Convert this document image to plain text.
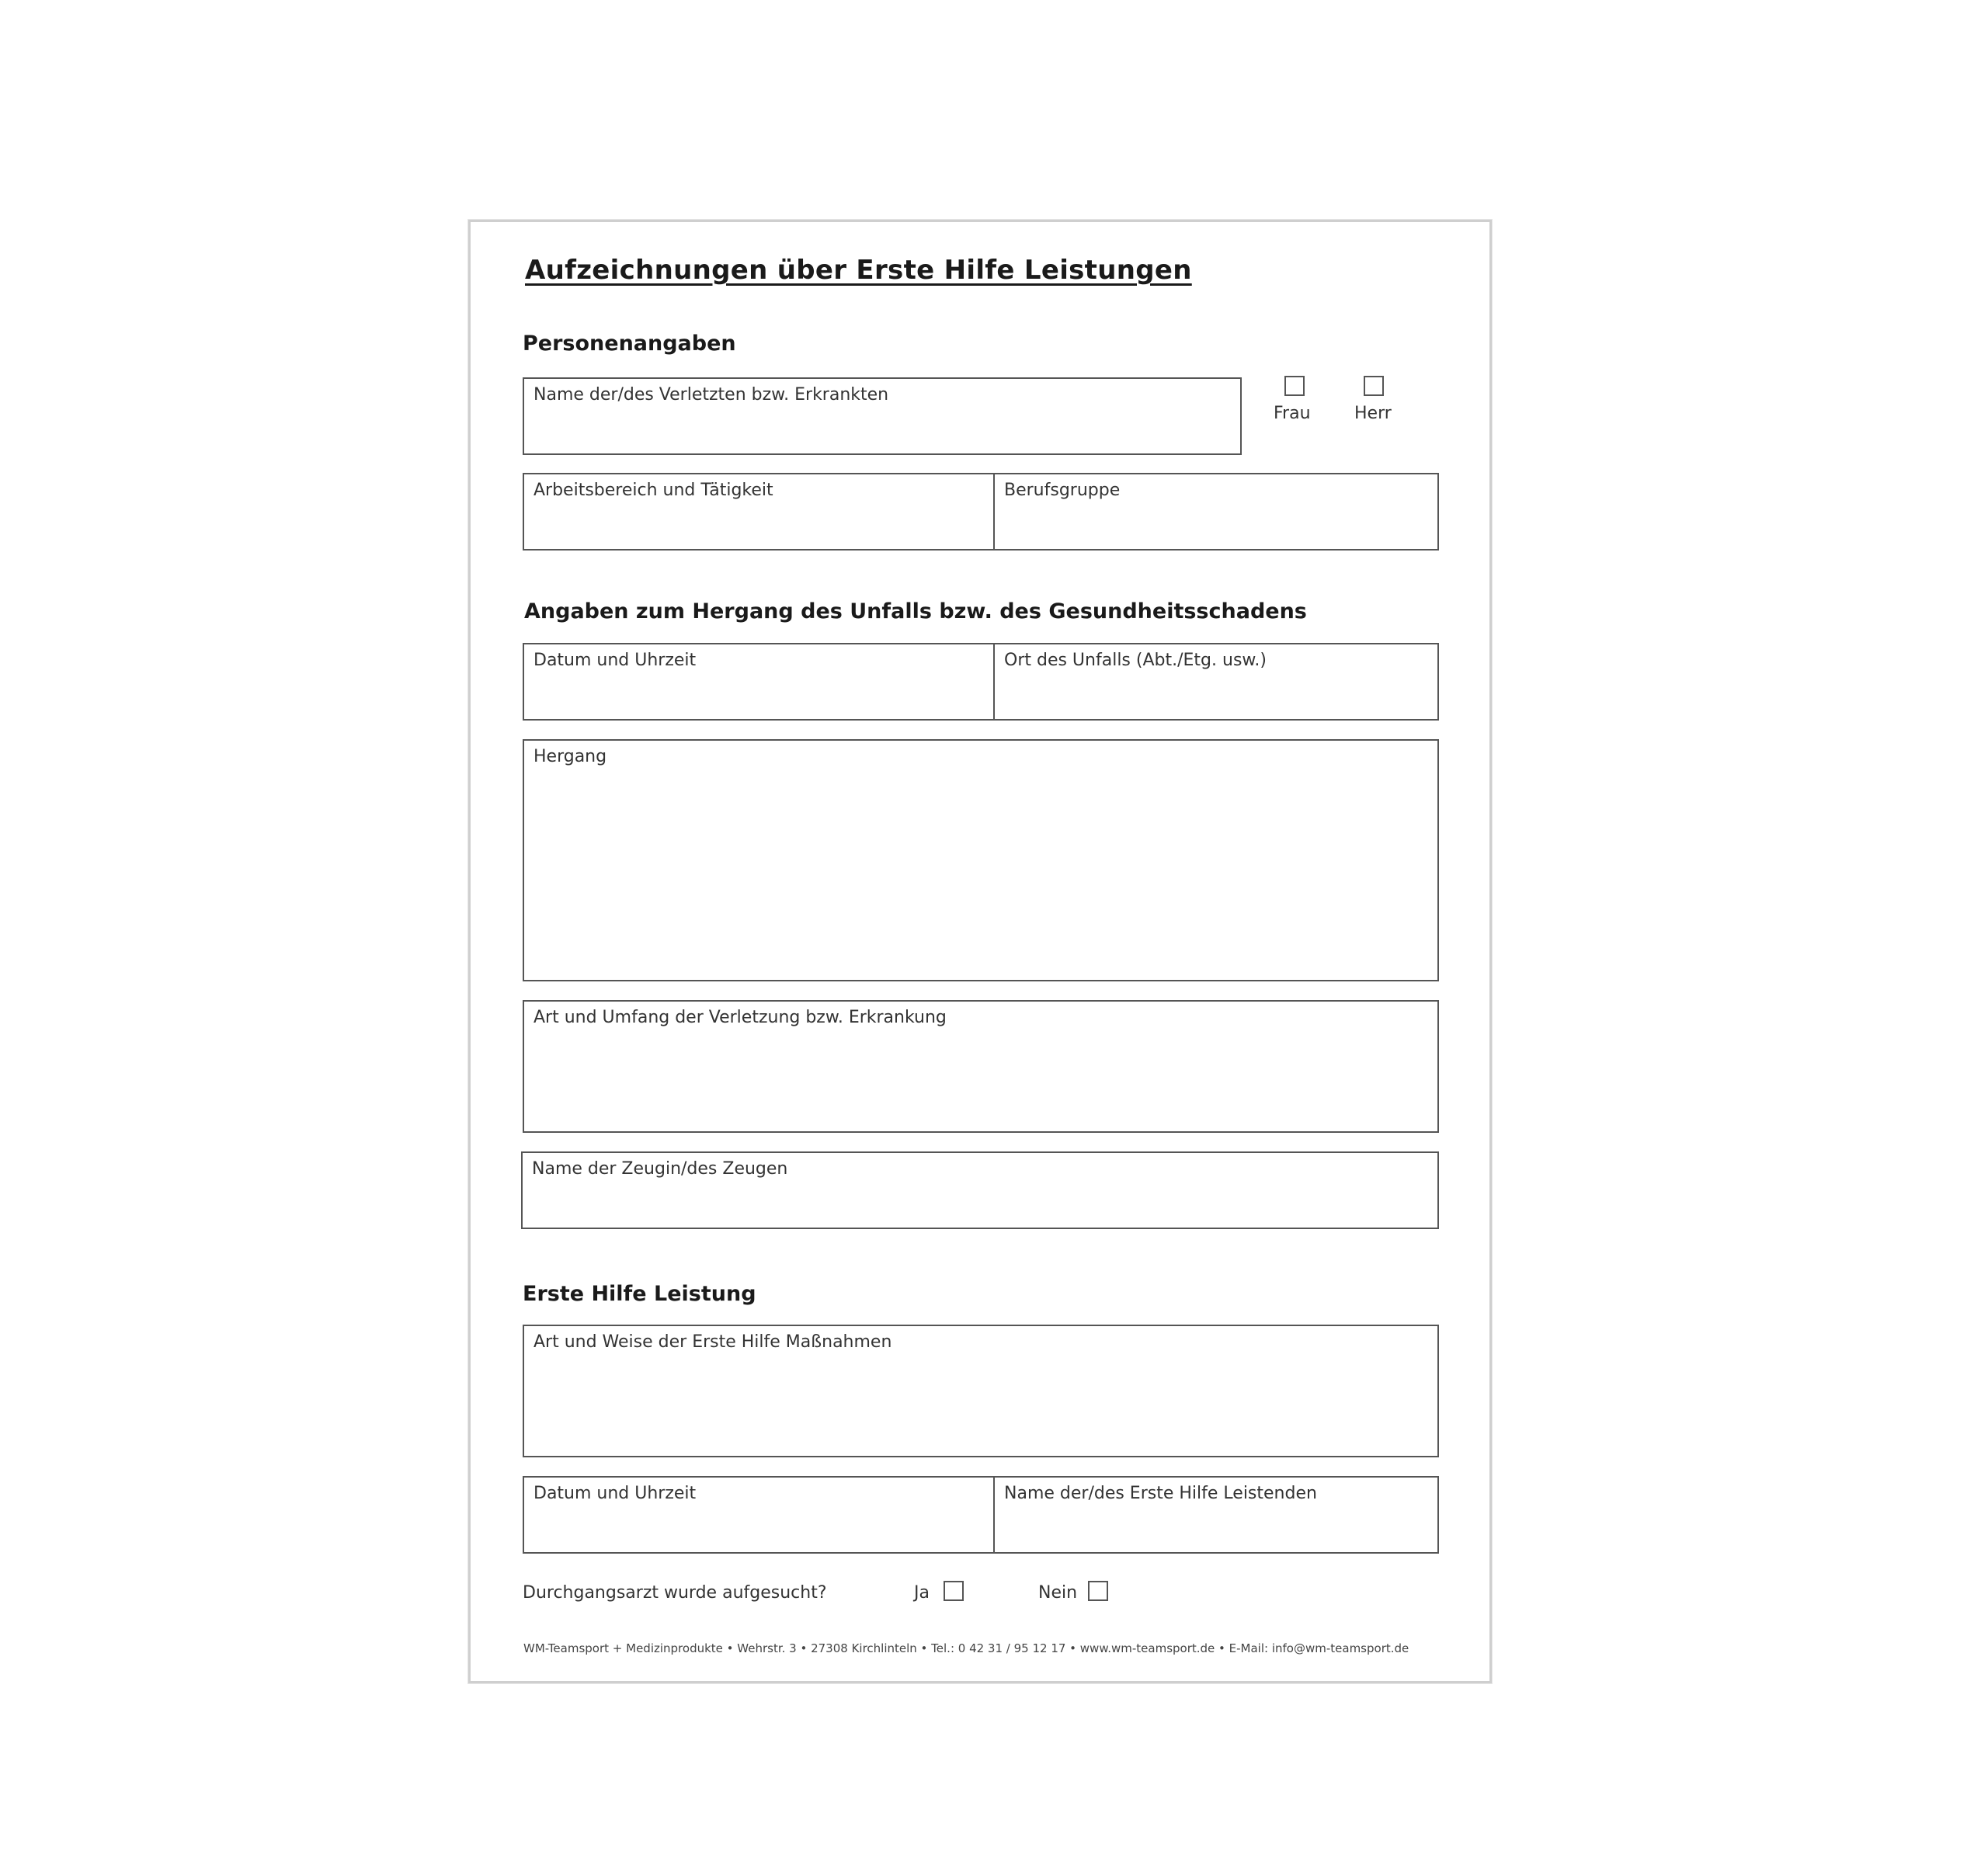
Aufzeichnungen über Erste Hilfe Leistungen
Personenangaben
Name der/des Verletzten bzw. Erkrankten
Frau	Herr
Arbeitsbereich und Tätigkeit	Berufsgruppe
Angaben zum Hergang des Unfalls bzw. des Gesundheitsschadens
Datum und Uhrzeit	Ort des Unfalls (Abt./Etg. usw.)
Hergang
Art und Umfang der Verletzung bzw. Erkrankung
Name der Zeugin/des Zeugen
Erste Hilfe Leistung
Art und Weise der Erste Hilfe Maßnahmen
Datum und Uhrzeit	Name der/des Erste Hilfe Leistenden
Durchgangsarzt wurde aufgesucht?	Ja	Nein
WM-Teamsport + Medizinprodukte • Wehrstr. 3 • 27308 Kirchlinteln • Tel.: 0 42 31 / 95 12 17 • www.wm-teamsport.de • E-Mail: info@wm-teamsport.de
